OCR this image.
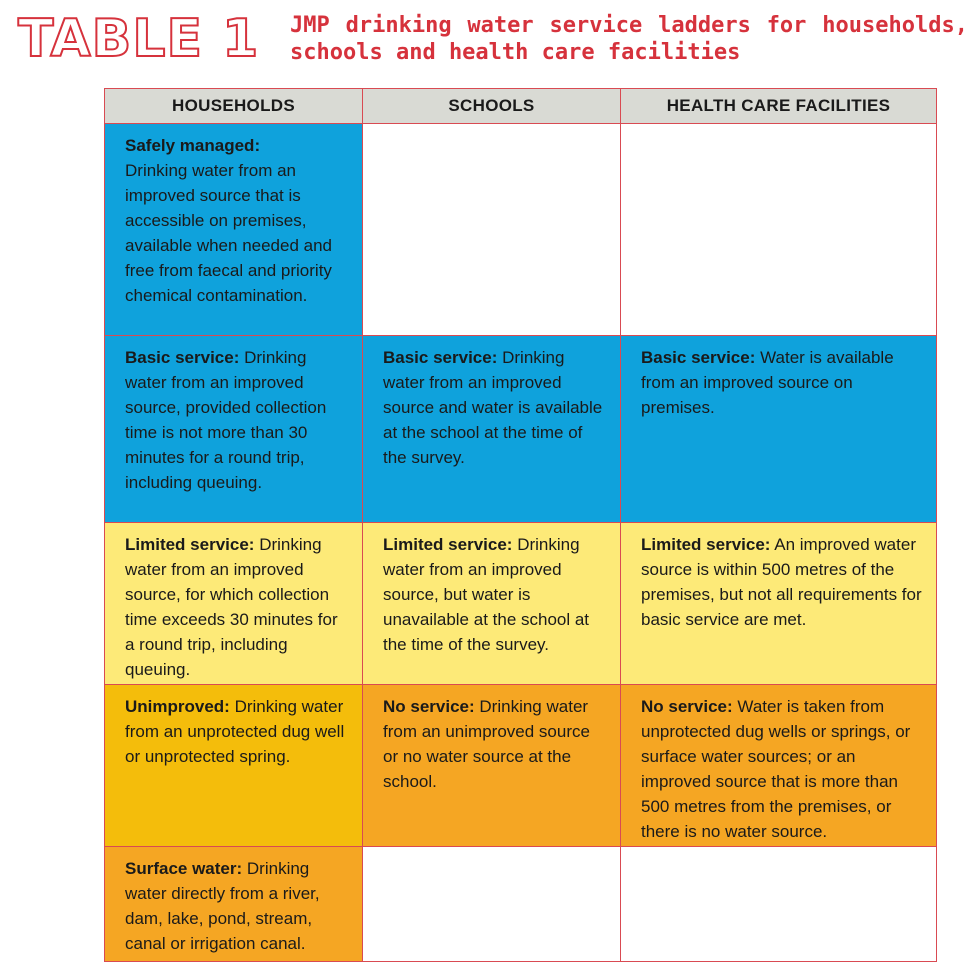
TABLE 1 JMP drinking water service ladders for households, schools and health care facilities
HOUSEHOLDS	SCHOOLS	HEALTH CARE FACILITIES
Safely managed:
Drinking water from an improved source that is accessible on premises, available when needed and free from faecal and priority chemical contamination.
Basic service: Drinking water from an improved source, provided collection time is not more than 30 minutes for a round trip, including queuing.
Basic service: Drinking water from an improved source and water is available at the school at the time of the survey.
Basic service: Water is available from an improved source on premises.
Limited service: Drinking water from an improved source, for which collection time exceeds 30 minutes for a round trip, including queuing.
Limited service: Drinking water from an improved source, but water is unavailable at the school at the time of the survey.
Limited service: An improved water source is within 500 metres of the premises, but not all requirements for basic service are met.
Unimproved: Drinking water from an unprotected dug well or unprotected spring.
No service: Drinking water from an unimproved source or no water source at the school.
No service: Water is taken from unprotected dug wells or springs, or surface water sources; or an improved source that is more than 500 metres from the premises, or there is no water source.
Surface water: Drinking water directly from a river, dam, lake, pond, stream, canal or irrigation canal.
